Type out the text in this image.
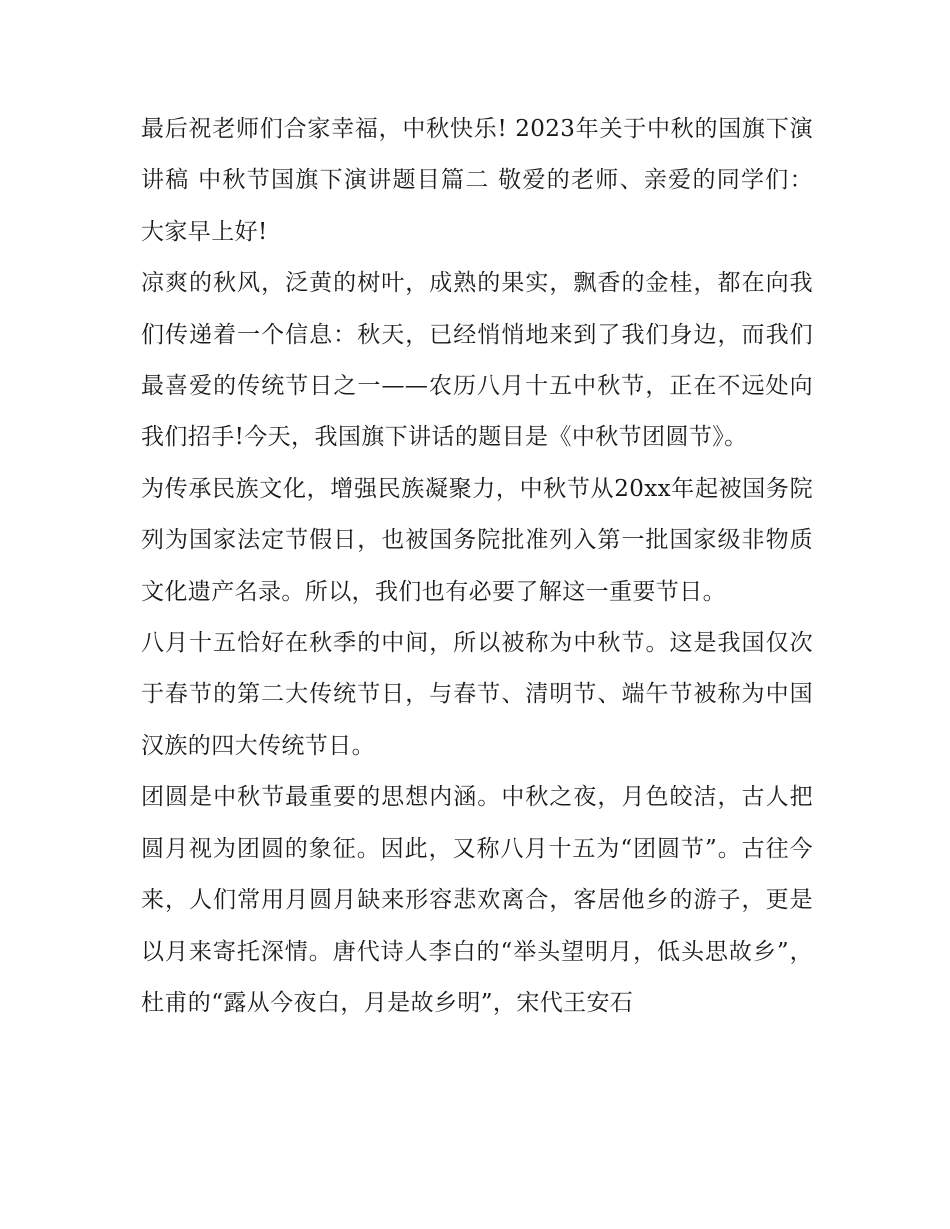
最后祝老师们合家幸福，中秋快乐! 2023年关于中秋的国旗下演讲稿 中秋节国旗下演讲题目篇二 敬爱的老师、亲爱的同学们： 大家早上好!

凉爽的秋风，泛黄的树叶，成熟的果实，飘香的金桂，都在向我们传递着一个信息：秋天，已经悄悄地来到了我们身边，而我们最喜爱的传统节日之一——农历八月十五中秋节，正在不远处向我们招手!今天，我国旗下讲话的题目是《中秋节团圆节》。

为传承民族文化，增强民族凝聚力，中秋节从20xx年起被国务院列为国家法定节假日，也被国务院批准列入第一批国家级非物质文化遗产名录。所以，我们也有必要了解这一重要节日。

八月十五恰好在秋季的中间，所以被称为中秋节。这是我国仅次于春节的第二大传统节日，与春节、清明节、端午节被称为中国汉族的四大传统节日。

团圆是中秋节最重要的思想内涵。中秋之夜，月色皎洁，古人把圆月视为团圆的象征。因此，又称八月十五为“团圆节”。古往今来，人们常用月圆月缺来形容悲欢离合，客居他乡的游子，更是以月来寄托深情。唐代诗人李白的“举头望明月，低头思故乡”，杜甫的“露从今夜白，月是故乡明”，宋代王安石
